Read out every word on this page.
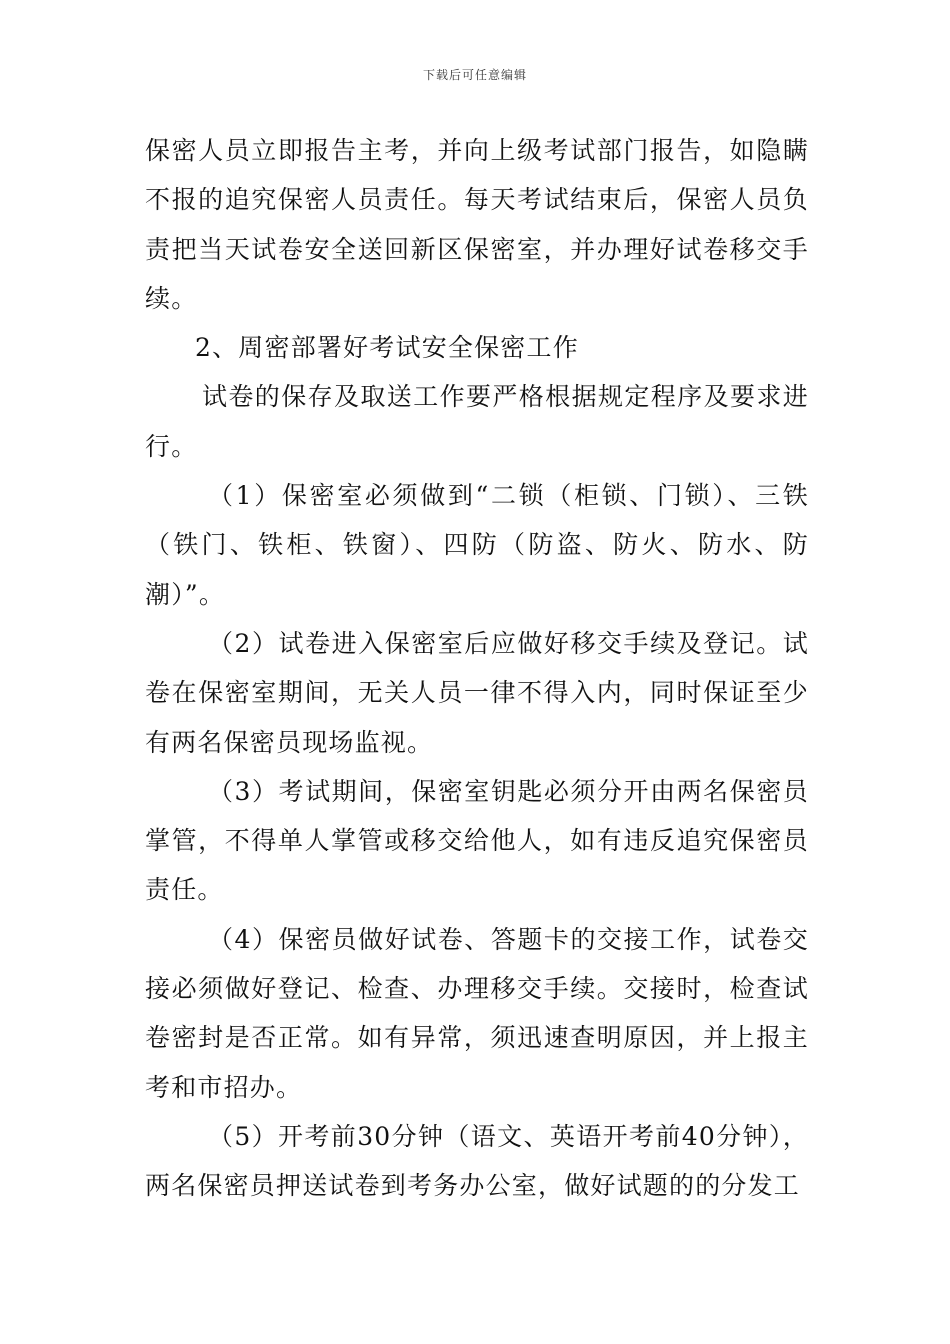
下载后可任意编辑

保密人员立即报告主考，并向上级考试部门报告，如隐瞒不报的追究保密人员责任。每天考试结束后，保密人员负责把当天试卷安全送回新区保密室，并办理好试卷移交手续。

2、周密部署好考试安全保密工作

试卷的保存及取送工作要严格根据规定程序及要求进行。

（1）保密室必须做到“二锁（柜锁、门锁）、三铁（铁门、铁柜、铁窗）、四防（防盗、防火、防水、防潮）”。

（2）试卷进入保密室后应做好移交手续及登记。试卷在保密室期间，无关人员一律不得入内，同时保证至少有两名保密员现场监视。

（3）考试期间，保密室钥匙必须分开由两名保密员掌管，不得单人掌管或移交给他人，如有违反追究保密员责任。

（4）保密员做好试卷、答题卡的交接工作，试卷交接必须做好登记、检查、办理移交手续。交接时，检查试卷密封是否正常。如有异常，须迅速查明原因，并上报主考和市招办。

（5）开考前30分钟（语文、英语开考前40分钟），两名保密员押送试卷到考务办公室，做好试题的的分发工
